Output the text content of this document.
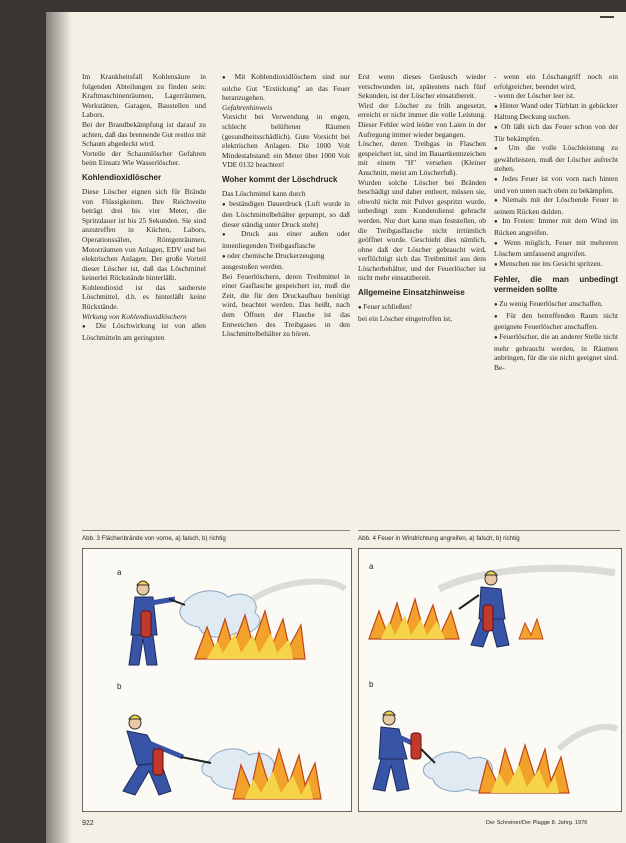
Im Krankheitsfall Kohlensäure in folgenden Abteilungen zu finden sein: Kraftmaschinenräumen, Lagerräumen, Werkstätten, Garagen, Baustellen und Labors.

Bei der Brandbekämpfung ist darauf zu achten, daß das brennende Gut restlos mit Schaum abgedeckt wird.

Vorteile der Schaumlöscher Gefahren beim Einsatz Wie Wasserlöscher.

Kohlendioxidlöscher

Diese Löscher eignen sich für Brände von Flüssigkeiten. Ihre Reichweite beträgt drei bis vier Meter, die Spritzdauer ist bis 25 Sekunden. Sie sind anzutreffen in Küchen, Labors, Operationssälen, Röntgenräumen, Motorräumen von Anlagen, EDV und bei elektrischen Anlagen. Der große Vorteil dieser Löscher ist, daß das Löschmittel keinerlei Rückstände hinterläßt.

Kohlendioxid ist das sauberste Löschmittel, d.h. es hinterläßt keine Rückstände.

Wirkung von Kohlendioxidlöschern

● Die Löschwirkung ist von allen Löschmitteln am geringsten

● Mit Kohlendioxidlöschern sind nur solche Gut "Erstickung" an das Feuer heranzugehen.

Gefahrenhinweis

Vorsicht bei Verwendung in engen, schlecht belüfteten Räumen (gesundheitsschädlich). Gute Vorsicht bei elektrischen Anlagen. Die 1000 Volt Mindestabstand: ein Meter über 1000 Volt VDE 0132 beachten!

Woher kommt der Löschdruck

Das Löschmittel kann durch

● beständigen Dauerdruck (Luft wurde in den Löschmittelbehälter gepumpt, so daß dieser ständig unter Druck steht)

● Druck aus einer außen oder innenliegenden Treibgasflasche

● oder chemische Druckerzeugung

ausgestoßen werden.

Bei Feuerlöschern, deren Treibmittel in einer Gasflasche gespeichert ist, muß die Zeit, die für den Druckaufbau benötigt wird, beachtet werden. Das heißt, nach dem Öffnen der Flasche ist das Entweichen des Treibgases in den Löschmittelbehälter zu hören.

Erst wenn dieses Geräusch wieder verschwunden ist, spätestens nach fünf Sekunden, ist der Löscher einsatzbereit.

Wird der Löscher zu früh angesetzt, erreicht er nicht immer die volle Leistung. Dieser Fehler wird leider von Laien in der Aufregung immer wieder begangen.

Löscher, deren Treibgas in Flaschen gespeichert ist, sind im Bauartkennzeichen mit einem "H" versehen (Kleiner Anschnitt, meist am Löscherfuß).

Wurden solche Löscher bei Bränden beschädigt und daher entleert, müssen sie, obwohl nicht mit Pulver gespritzt wurde, unbedingt zum Kundendienst gebracht werden. Nur dort kann man feststellen, ob die Treibgasflasche nicht irrtümlich geöffnet wurde. Geschieht dies nämlich, ohne daß der Löscher gebraucht wird, verflüchtigt sich das Treibmittel aus dem Löscherbehälter, und der Feuerlöscher ist nicht mehr einsatzbereit.

Allgemeine Einsatzhinweise

● Feuer schließen!

bei ein Löscher eingetroffen ist,

- wenn ein Löschangriff noch ein erfolgreicher, beendet wird,

- wenn der Löscher leer ist.

● Hinter Wand oder Türblatt in gebückter Haltung Deckung suchen.

● Oft läßt sich das Feuer schon von der Tür bekämpfen.

● Um die volle Löschleistung zu gewährleisten, muß der Löscher aufrecht stehen.

● Jedes Feuer ist von vorn nach hinten und von unten nach oben zu bekämpfen.

● Niemals mit der Löschende Feuer in seinem Rücken dulden.

● Im Freien: Immer mit dem Wind im Rücken angreifen.

● Wenn möglich, Feuer mit mehreren Löschern umfassend angreifen.

● Menschen nie ins Gesicht spritzen.

Fehler, die man unbedingt vermeiden sollte

● Zu wenig Feuerlöscher anschaffen.

● Für den betreffenden Raum nicht geeignete Feuerlöscher anschaffen.

● Feuerlöscher, die an anderer Stelle nicht mehr gebraucht werden, in Räumen anbringen, für die sie nicht geeignet sind. Be-

Abb. 3 Flächenbrände von vorne, a) falsch, b) richtig	Abb. 4 Feuer in Windrichtung angreifen, a) falsch, b) richtig
a
b
a
b
922	Der Schreiner/Der Plagge 8. Jahrg. 1976
